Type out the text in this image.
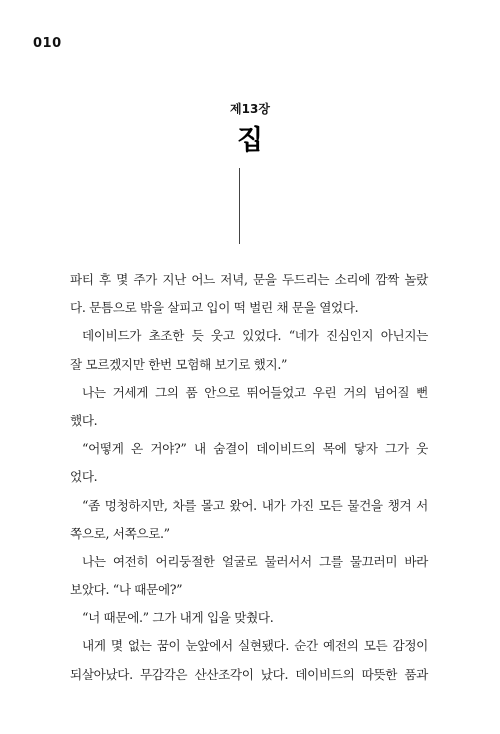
010
제13장
집
파티 후 몇 주가 지난 어느 저녁, 문을 두드리는 소리에 깜짝 놀랐
다. 문틈으로 밖을 살피고 입이 떡 벌린 채 문을 열었다.
데이비드가 초조한 듯 웃고 있었다. “네가 진심인지 아닌지는
잘 모르겠지만 한번 모험해 보기로 했지.”
나는 거세게 그의 품 안으로 뛰어들었고 우린 거의 넘어질 뻔
했다.
“어떻게 온 거야?” 내 숨결이 데이비드의 목에 닿자 그가 웃
었다.
“좀 멍청하지만, 차를 몰고 왔어. 내가 가진 모든 물건을 챙겨 서
쪽으로, 서쪽으로.”
나는 여전히 어리둥절한 얼굴로 물러서서 그를 물끄러미 바라
보았다. “나 때문에?”
“너 때문에.” 그가 내게 입을 맞췄다.
내게 몇 없는 꿈이 눈앞에서 실현됐다. 순간 예전의 모든 감정이
되살아났다. 무감각은 산산조각이 났다. 데이비드의 따뜻한 품과
